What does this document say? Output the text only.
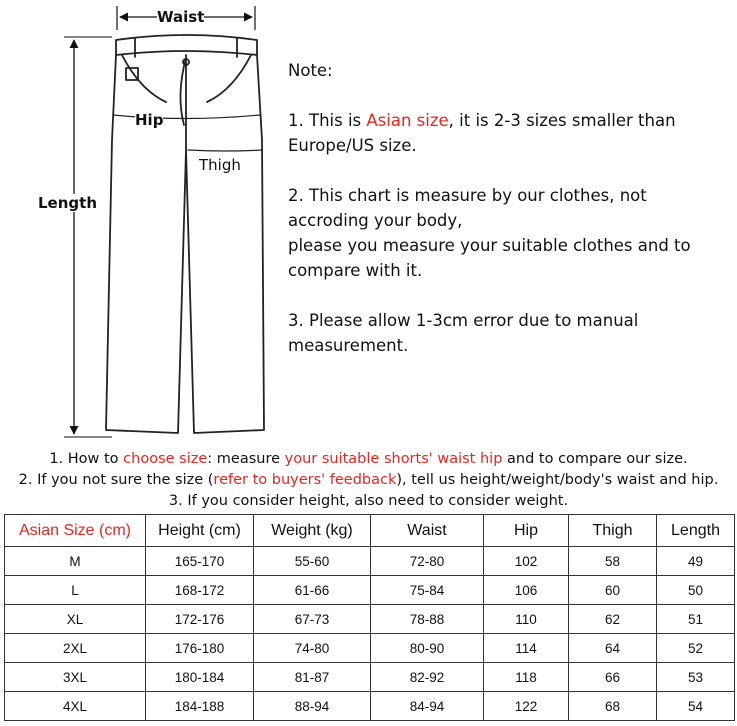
Waist
Hip
Thigh
Length

Note:

1. This is Asian size, it is 2-3 sizes smaller than

Europe/US size.

2. This chart is measure by our clothes, not

accroding your body,

please you measure your suitable clothes and to

compare with it.

3. Please allow 1-3cm error due to manual

measurement.

1. How to choose size: measure your suitable shorts' waist hip and to compare our size.
2. If you not sure the size (refer to buyers' feedback), tell us height/weight/body's waist and hip.
3. If you consider height, also need to consider weight.
Asian Size (cm)	Height (cm)	Weight (kg)	Waist	Hip	Thigh	Length
M	165-170	55-60	72-80	102	58	49
L	168-172	61-66	75-84	106	60	50
XL	172-176	67-73	78-88	110	62	51
2XL	176-180	74-80	80-90	114	64	52
3XL	180-184	81-87	82-92	118	66	53
4XL	184-188	88-94	84-94	122	68	54
